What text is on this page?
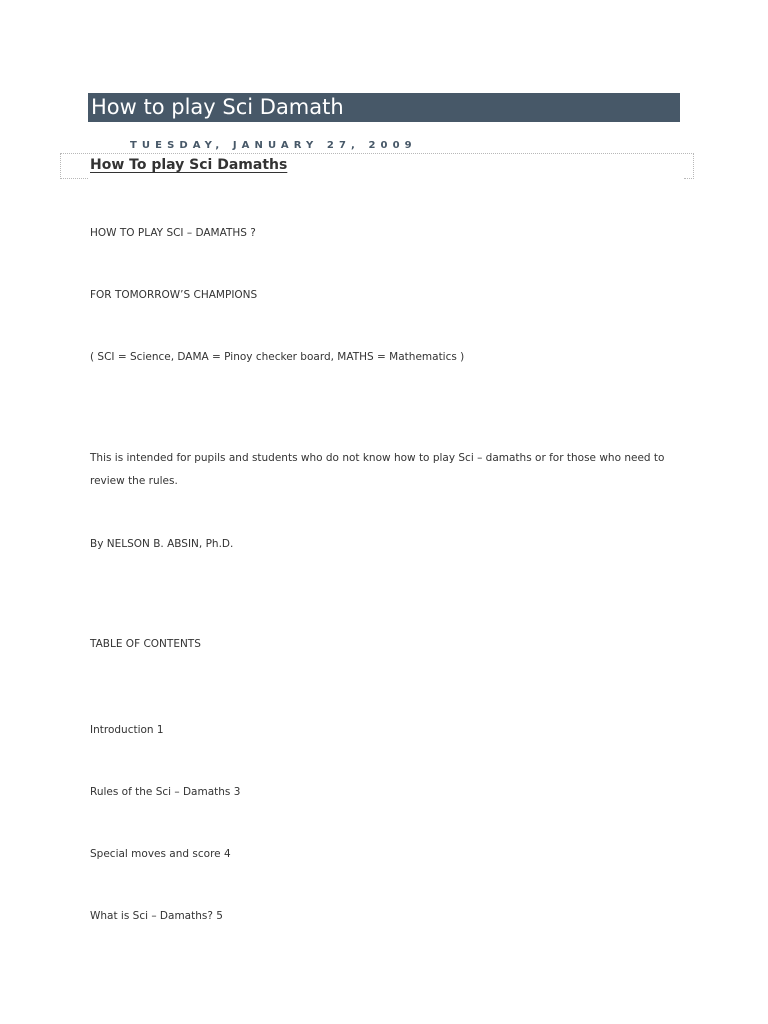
How to play Sci Damath
TUESDAY, JANUARY 27, 2009
How To play Sci Damaths
HOW TO PLAY SCI – DAMATHS ?
FOR TOMORROW’S CHAMPIONS
( SCI = Science, DAMA = Pinoy checker board, MATHS = Mathematics )
This is intended for pupils and students who do not know how to play Sci – damaths or for those who need to review the rules.
By NELSON B. ABSIN, Ph.D.
TABLE OF CONTENTS
Introduction 1
Rules of the Sci – Damaths 3
Special moves and score 4
What is Sci – Damaths? 5
